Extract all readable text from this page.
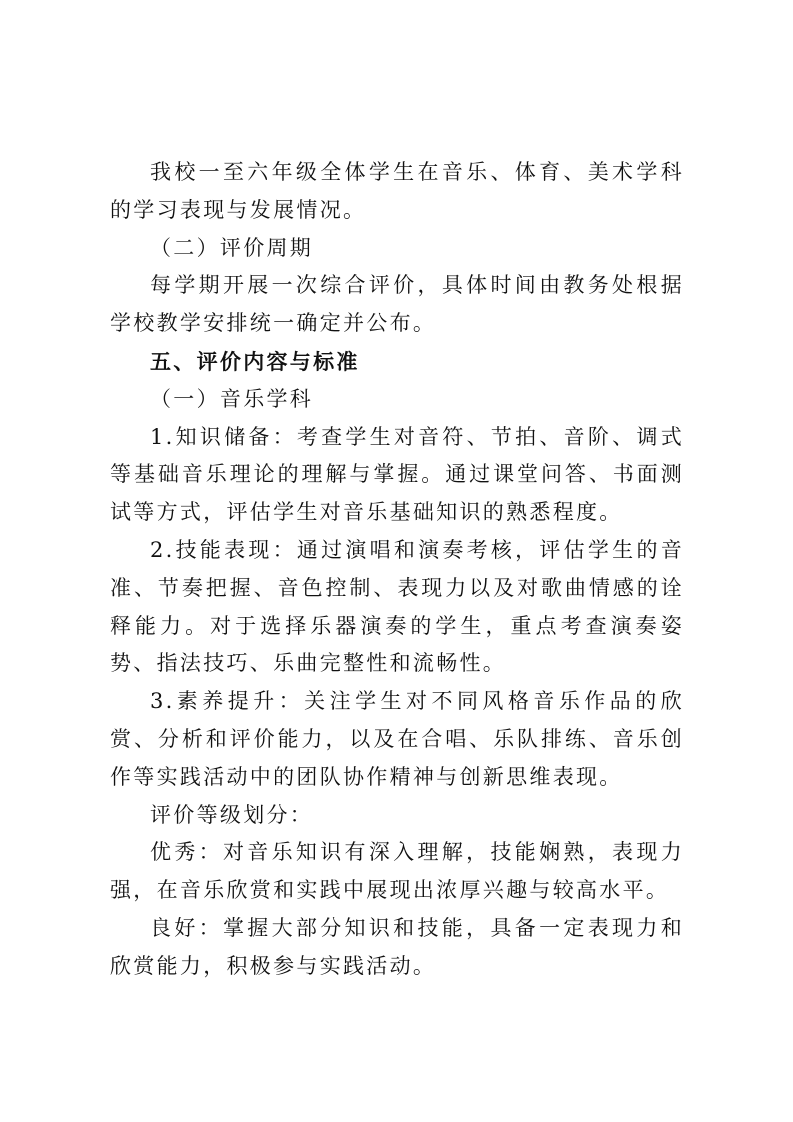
我校一至六年级全体学生在音乐、体育、美术学科的学习表现与发展情况。

（二）评价周期

每学期开展一次综合评价，具体时间由教务处根据学校教学安排统一确定并公布。

五、评价内容与标准

（一）音乐学科

1.知识储备：考查学生对音符、节拍、音阶、调式等基础音乐理论的理解与掌握。通过课堂问答、书面测试等方式，评估学生对音乐基础知识的熟悉程度。

2.技能表现：通过演唱和演奏考核，评估学生的音准、节奏把握、音色控制、表现力以及对歌曲情感的诠释能力。对于选择乐器演奏的学生，重点考查演奏姿势、指法技巧、乐曲完整性和流畅性。

3.素养提升：关注学生对不同风格音乐作品的欣赏、分析和评价能力，以及在合唱、乐队排练、音乐创作等实践活动中的团队协作精神与创新思维表现。

评价等级划分：

优秀：对音乐知识有深入理解，技能娴熟，表现力强，在音乐欣赏和实践中展现出浓厚兴趣与较高水平。

良好：掌握大部分知识和技能，具备一定表现力和欣赏能力，积极参与实践活动。
